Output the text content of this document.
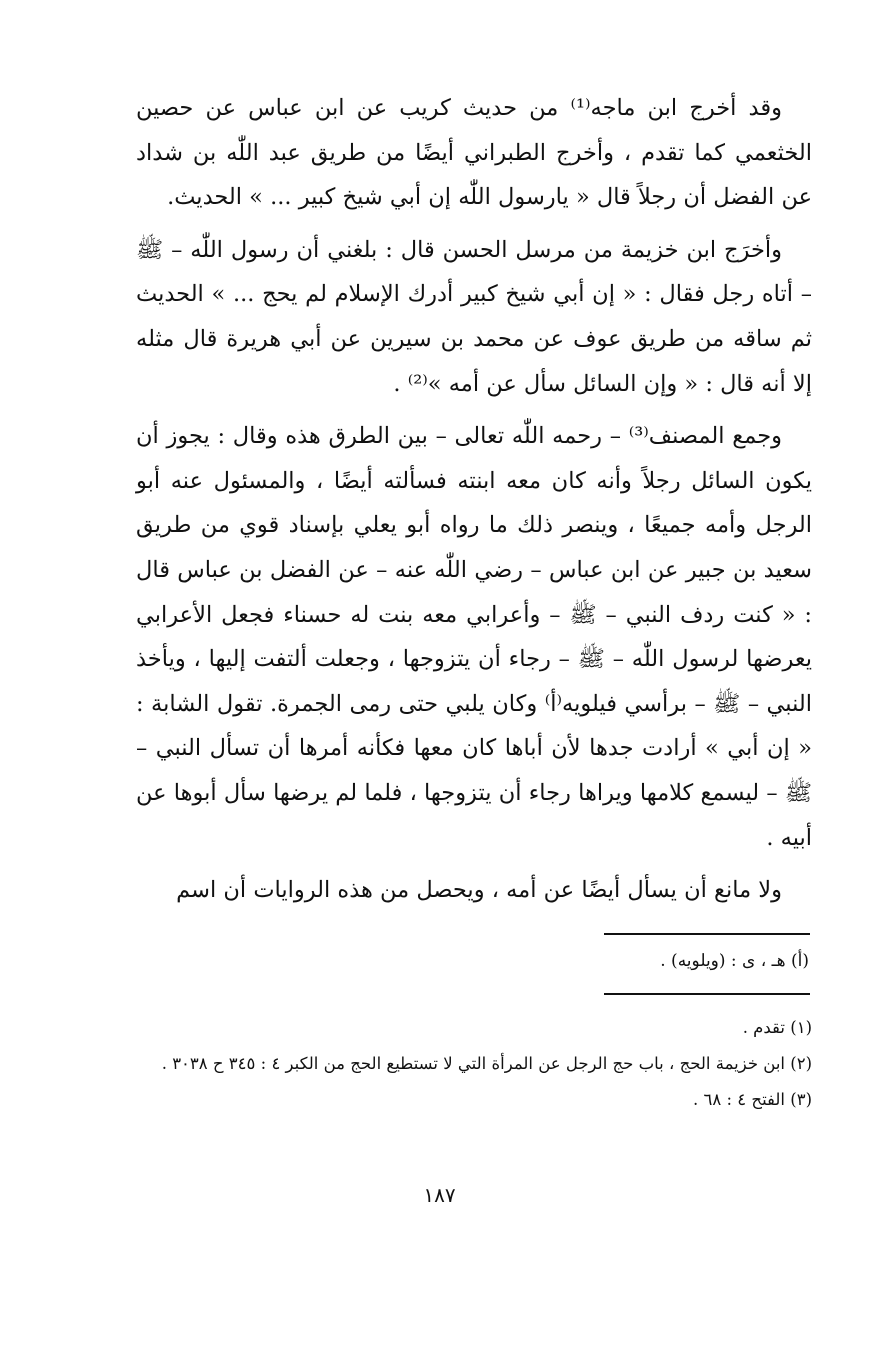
وقد أخرج ابن ماجه⁽¹⁾ من حديث كريب عن ابن عباس عن حصين الخثعمي كما تقدم ، وأخرج الطبراني أيضًا من طريق عبد اللّٰه بن شداد عن الفضل أن رجلاً قال « يارسول اللّٰه إن أبي شيخ كبير ... » الحديث.

وأخرَج ابن خزيمة من مرسل الحسن قال : بلغني أن رسول اللّٰه – ﷺ – أتاه رجل فقال : « إن أبي شيخ كبير أدرك الإسلام لم يحج ... » الحديث ثم ساقه من طريق عوف عن محمد بن سيرين عن أبي هريرة قال مثله إلا أنه قال : « وإن السائل سأل عن أمه »⁽²⁾ .

وجمع المصنف⁽³⁾ – رحمه اللّٰه تعالى – بين الطرق هذه وقال : يجوز أن يكون السائل رجلاً وأنه كان معه ابنته فسألته أيضًا ، والمسئول عنه أبو الرجل وأمه جميعًا ، وينصر ذلك ما رواه أبو يعلي بإسناد قوي من طريق سعيد بن جبير عن ابن عباس – رضي اللّٰه عنه – عن الفضل بن عباس قال : « كنت ردف النبي – ﷺ – وأعرابي معه بنت له حسناء فجعل الأعرابي يعرضها لرسول اللّٰه – ﷺ – رجاء أن يتزوجها ، وجعلت ألتفت إليها ، ويأخذ النبي – ﷺ – برأسي فيلويه⁽أ⁾ وكان يلبي حتى رمى الجمرة. تقول الشابة : « إن أبي » أرادت جدها لأن أباها كان معها فكأنه أمرها أن تسأل النبي – ﷺ – ليسمع كلامها ويراها رجاء أن يتزوجها ، فلما لم يرضها سأل أبوها عن أبيه .

ولا مانع أن يسأل أيضًا عن أمه ، ويحصل من هذه الروايات أن اسم

(أ) هـ ، ى : (ويلويه) .

(١) تقدم .

(٢) ابن خزيمة الحج ، باب حج الرجل عن المرأة التي لا تستطيع الحج من الكبر ٤ : ٣٤٥ ح ٣٠٣٨ .

(٣) الفتح ٤ : ٦٨ .

١٨٧
